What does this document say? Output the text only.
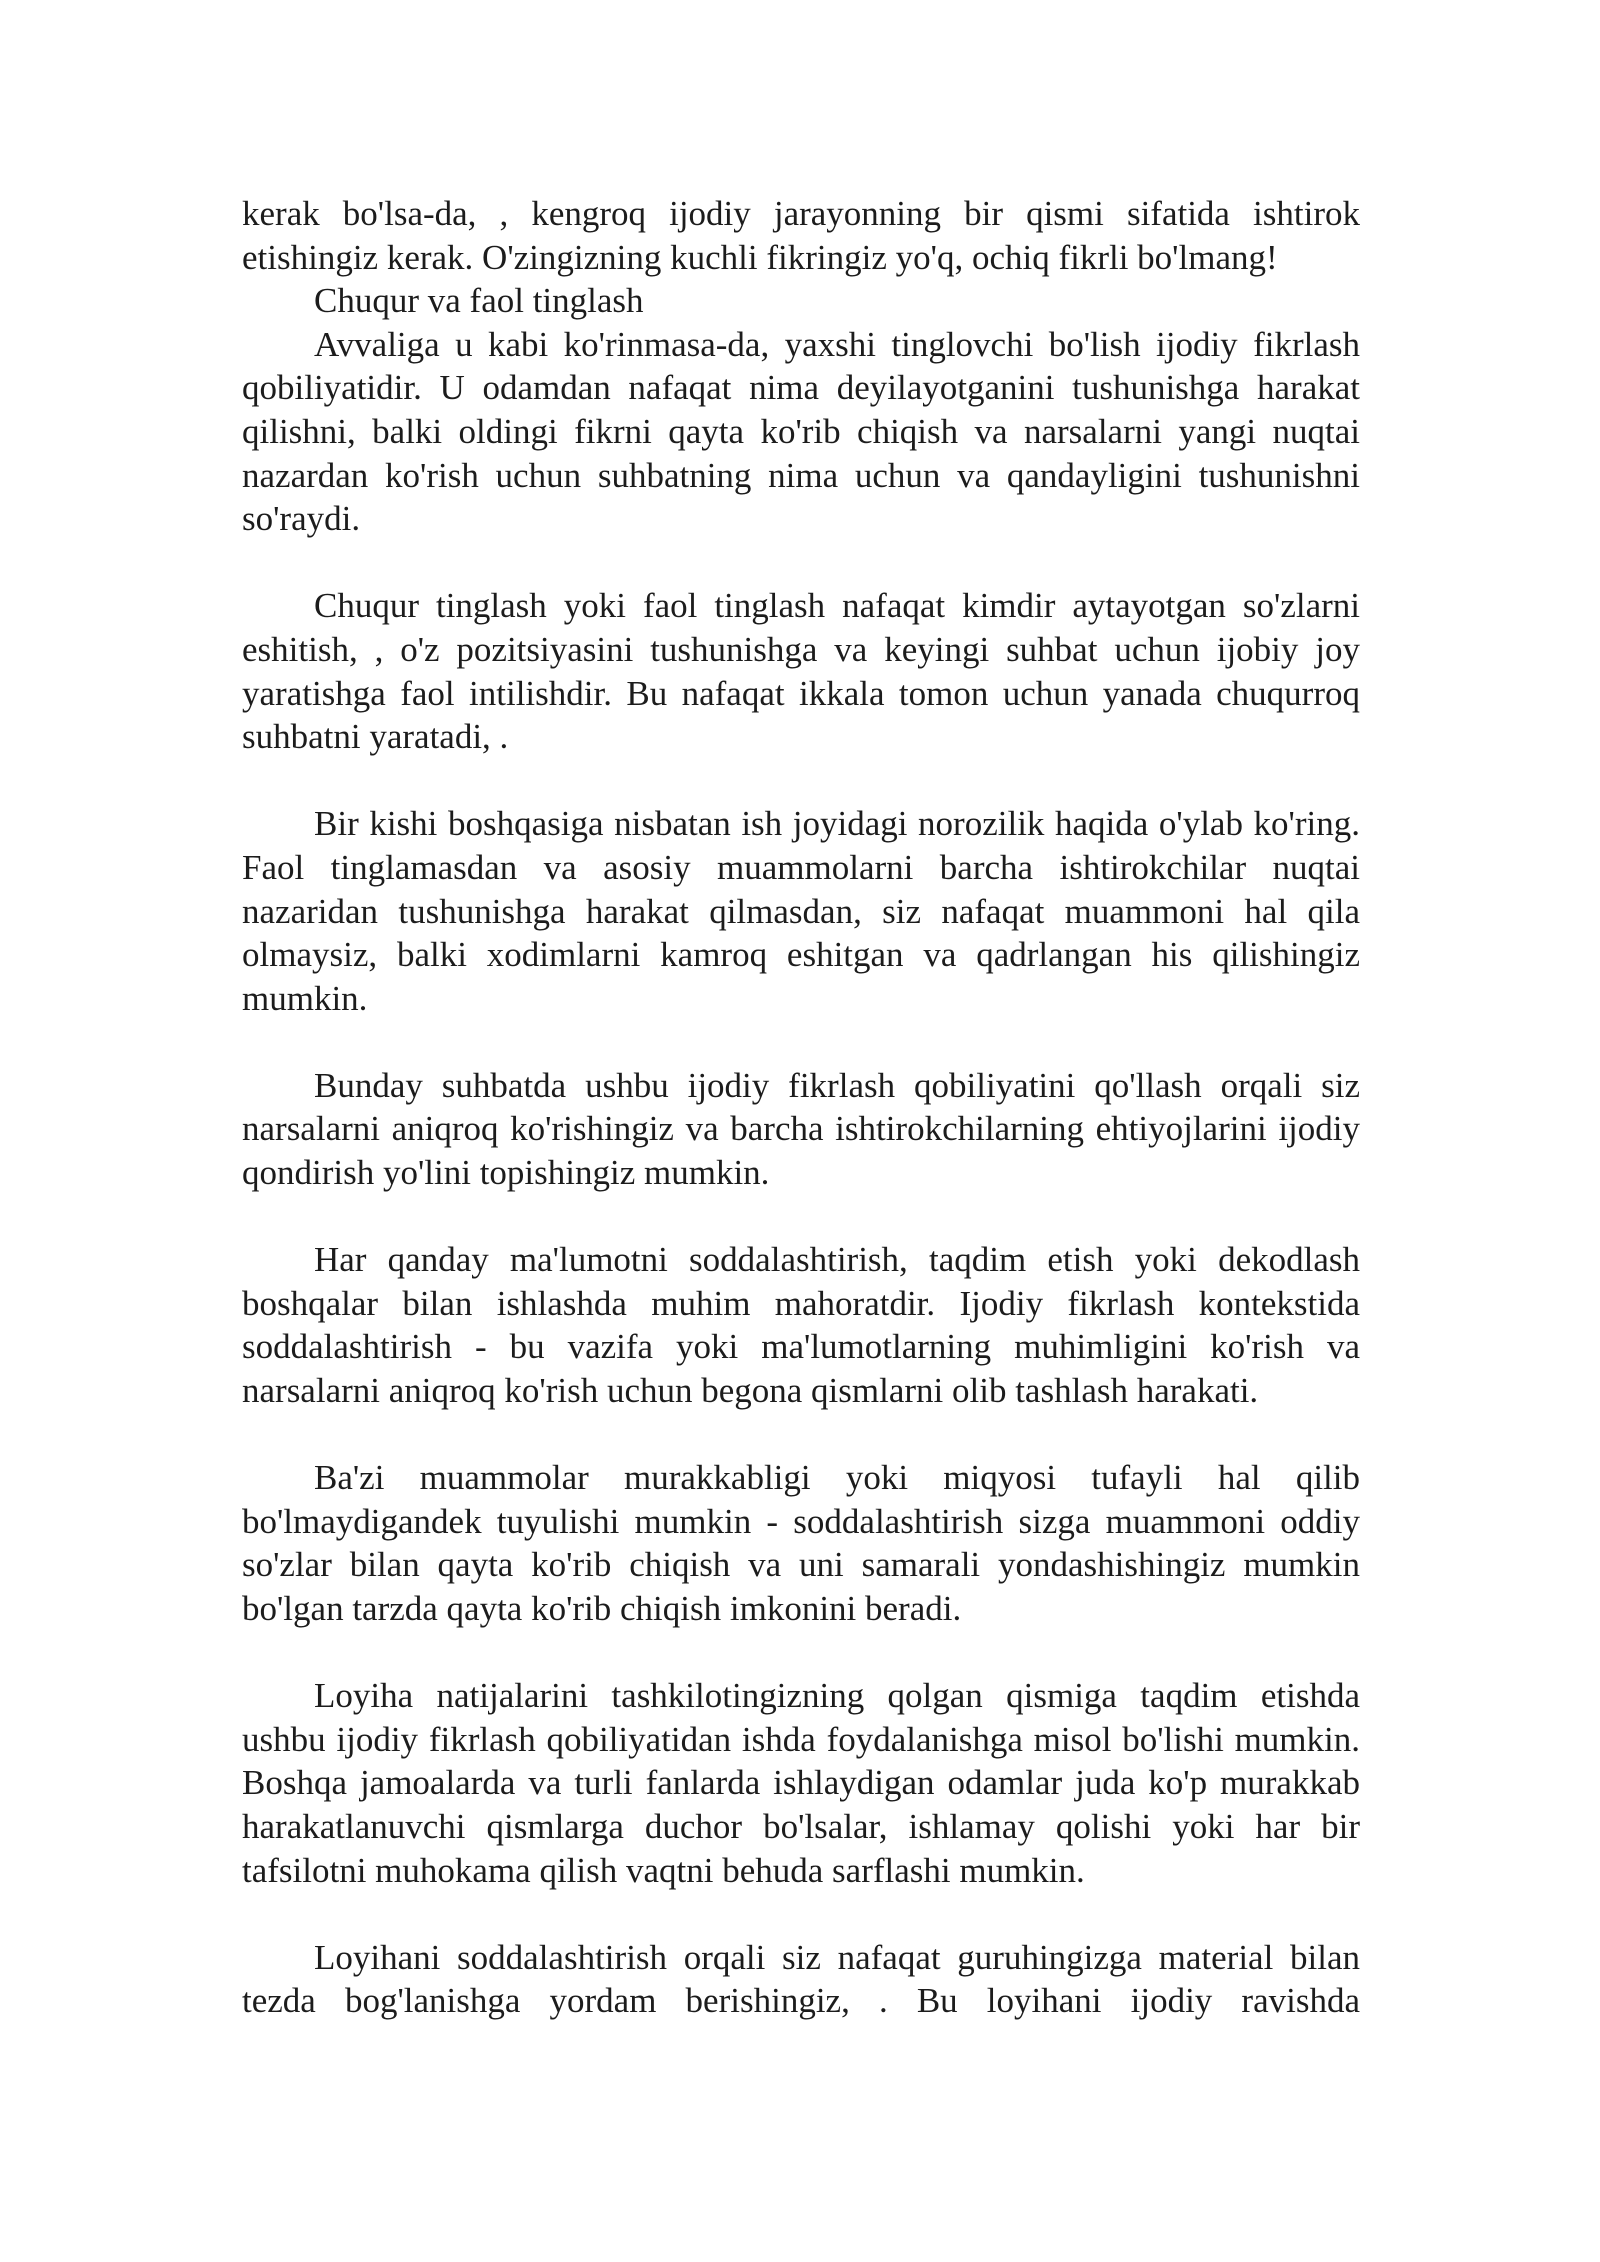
kerak bo'lsa-da, , kengroq ijodiy jarayonning bir qismi sifatida ishtirok etishingiz kerak. O'zingizning kuchli fikringiz yo'q, ochiq fikrli bo'lmang!

Chuqur va faol tinglash

Avvaliga u kabi ko'rinmasa-da, yaxshi tinglovchi bo'lish ijodiy fikrlash qobiliyatidir. U odamdan nafaqat nima deyilayotganini tushunishga harakat qilishni, balki oldingi fikrni qayta ko'rib chiqish va narsalarni yangi nuqtai nazardan ko'rish uchun suhbatning nima uchun va qandayligini tushunishni so'raydi.

Chuqur tinglash yoki faol tinglash nafaqat kimdir aytayotgan so'zlarni eshitish, , o'z pozitsiyasini tushunishga va keyingi suhbat uchun ijobiy joy yaratishga faol intilishdir. Bu nafaqat ikkala tomon uchun yanada chuqurroq suhbatni yaratadi, .

Bir kishi boshqasiga nisbatan ish joyidagi norozilik haqida o'ylab ko'ring. Faol tinglamasdan va asosiy muammolarni barcha ishtirokchilar nuqtai nazaridan tushunishga harakat qilmasdan, siz nafaqat muammoni hal qila olmaysiz, balki xodimlarni kamroq eshitgan va qadrlangan his qilishingiz mumkin.

Bunday suhbatda ushbu ijodiy fikrlash qobiliyatini qo'llash orqali siz narsalarni aniqroq ko'rishingiz va barcha ishtirokchilarning ehtiyojlarini ijodiy qondirish yo'lini topishingiz mumkin.

Har qanday ma'lumotni soddalashtirish, taqdim etish yoki dekodlash boshqalar bilan ishlashda muhim mahoratdir. Ijodiy fikrlash kontekstida soddalashtirish - bu vazifa yoki ma'lumotlarning muhimligini ko'rish va narsalarni aniqroq ko'rish uchun begona qismlarni olib tashlash harakati.

Ba'zi muammolar murakkabligi yoki miqyosi tufayli hal qilib bo'lmaydigandek tuyulishi mumkin - soddalashtirish sizga muammoni oddiy so'zlar bilan qayta ko'rib chiqish va uni samarali yondashishingiz mumkin bo'lgan tarzda qayta ko'rib chiqish imkonini beradi.

Loyiha natijalarini tashkilotingizning qolgan qismiga taqdim etishda ushbu ijodiy fikrlash qobiliyatidan ishda foydalanishga misol bo'lishi mumkin. Boshqa jamoalarda va turli fanlarda ishlaydigan odamlar juda ko'p murakkab harakatlanuvchi qismlarga duchor bo'lsalar, ishlamay qolishi yoki har bir tafsilotni muhokama qilish vaqtni behuda sarflashi mumkin.

Loyihani soddalashtirish orqali siz nafaqat guruhingizga material bilan tezda bog'lanishga yordam berishingiz, . Bu loyihani ijodiy ravishda
